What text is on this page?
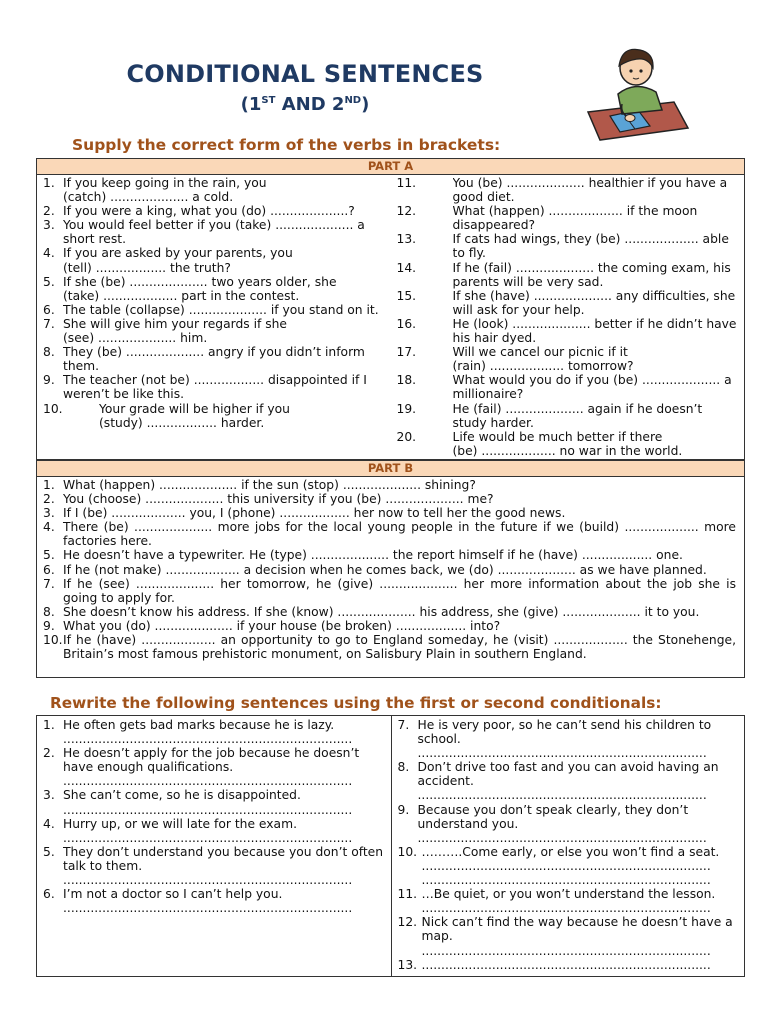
CONDITIONAL SENTENCES
(1ST AND 2ND)
Supply the correct form of the verbs in brackets:
PART A
1. If you keep going in the rain, you
(catch) .................... a cold.
2. If you were a king, what you (do) ....................?
3. You would feel better if you (take) .................... a short rest.
4. If you are asked by your parents, you
(tell) .................. the truth?
5. If she (be) .................... two years older, she
(take) ................... part in the contest.
6. The table (collapse) .................... if you stand on it.
7. She will give him your regards if she
(see) .................... him.
8. They (be) .................... angry if you didn’t inform them.
9. The teacher (not be) .................. disappointed if I weren’t be like this.
10.	Your grade will be higher if you
(study) .................. harder.
11.	You (be) .................... healthier if you have a good diet.
12.	What (happen) ................... if the moon disappeared?
13.	If cats had wings, they (be) ................... able to fly.
14.	If he (fail) .................... the coming exam, his parents will be very sad.
15.	If she (have) .................... any difficulties, she will ask for your help.
16.	He (look) .................... better if he didn’t have his hair dyed.
17.	Will we cancel our picnic if it
(rain) ................... tomorrow?
18.	What would you do if you (be) .................... a millionaire?
19.	He (fail) .................... again if he doesn’t study harder.
20.	Life would be much better if there
(be) ................... no war in the world.
PART B
1. What (happen) .................... if the sun (stop) .................... shining?
2. You (choose) .................... this university if you (be) .................... me?
3. If I (be) ................... you, I (phone) .................. her now to tell her the good news.
4. There (be) .................... more jobs for the local young people in the future if we (build) ................... more factories here.
5. He doesn’t have a typewriter. He (type) .................... the report himself if he (have) .................. one.
6. If he (not make) ................... a decision when he comes back, we (do) .................... as we have planned.
7. If he (see) .................... her tomorrow, he (give) .................... her more information about the job she is going to apply for.
8. She doesn’t know his address. If she (know) .................... his address, she (give) .................... it to you.
9. What you (do) .................... if your house (be broken) .................. into?
10. If he (have) ................... an opportunity to go to England someday, he (visit) ................... the Stonehenge, Britain’s most famous prehistoric monument, on Salisbury Plain in southern England.
Rewrite the following sentences using the first or second conditionals:
1. He often gets bad marks because he is lazy.
..........................................................................
2. He doesn’t apply for the job because he doesn’t have enough qualifications.
..........................................................................
3. She can’t come, so he is disappointed.
..........................................................................
4. Hurry up, or we will late for the exam.
..........................................................................
5. They don’t understand you because you don’t often talk to them.
..........................................................................
6. I’m not a doctor so I can’t help you.
..........................................................................
7. He is very poor, so he can’t send his children to school.
..........................................................................
8. Don’t drive too fast and you can avoid having an accident.
..........................................................................
9. Because you don’t speak clearly, they don’t understand you.
..........................................................................
10. ……….Come early, or else you won’t find a seat.
..........................................................................
..........................................................................
11. …Be quiet, or you won’t understand the lesson.
..........................................................................
12. Nick can’t find the way because he doesn’t have a map.
..........................................................................
13. ..........................................................................
